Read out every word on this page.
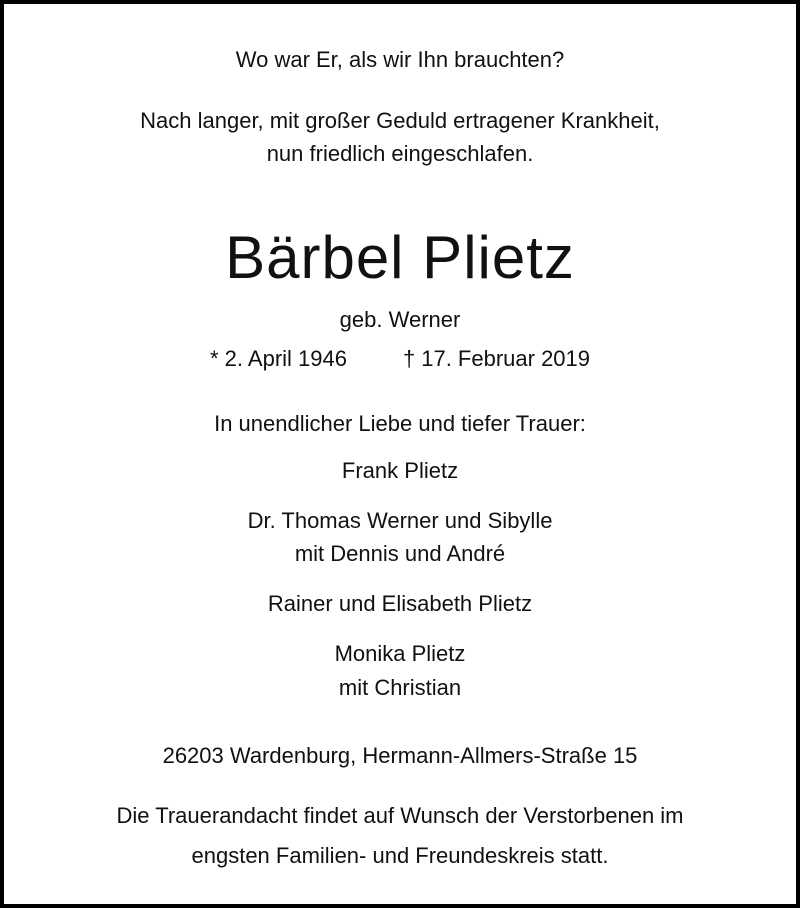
Wo war Er, als wir Ihn brauchten?

Nach langer, mit großer Geduld ertragener Krankheit,

nun friedlich eingeschlafen.

Bärbel Plietz

geb. Werner

* 2. April 1946	† 17. Februar 2019

In unendlicher Liebe und tiefer Trauer:

Frank Plietz

Dr. Thomas Werner und Sibylle

mit Dennis und André

Rainer und Elisabeth Plietz

Monika Plietz

mit Christian

26203 Wardenburg, Hermann-Allmers-Straße 15

Die Trauerandacht findet auf Wunsch der Verstorbenen im

engsten Familien- und Freundeskreis statt.
